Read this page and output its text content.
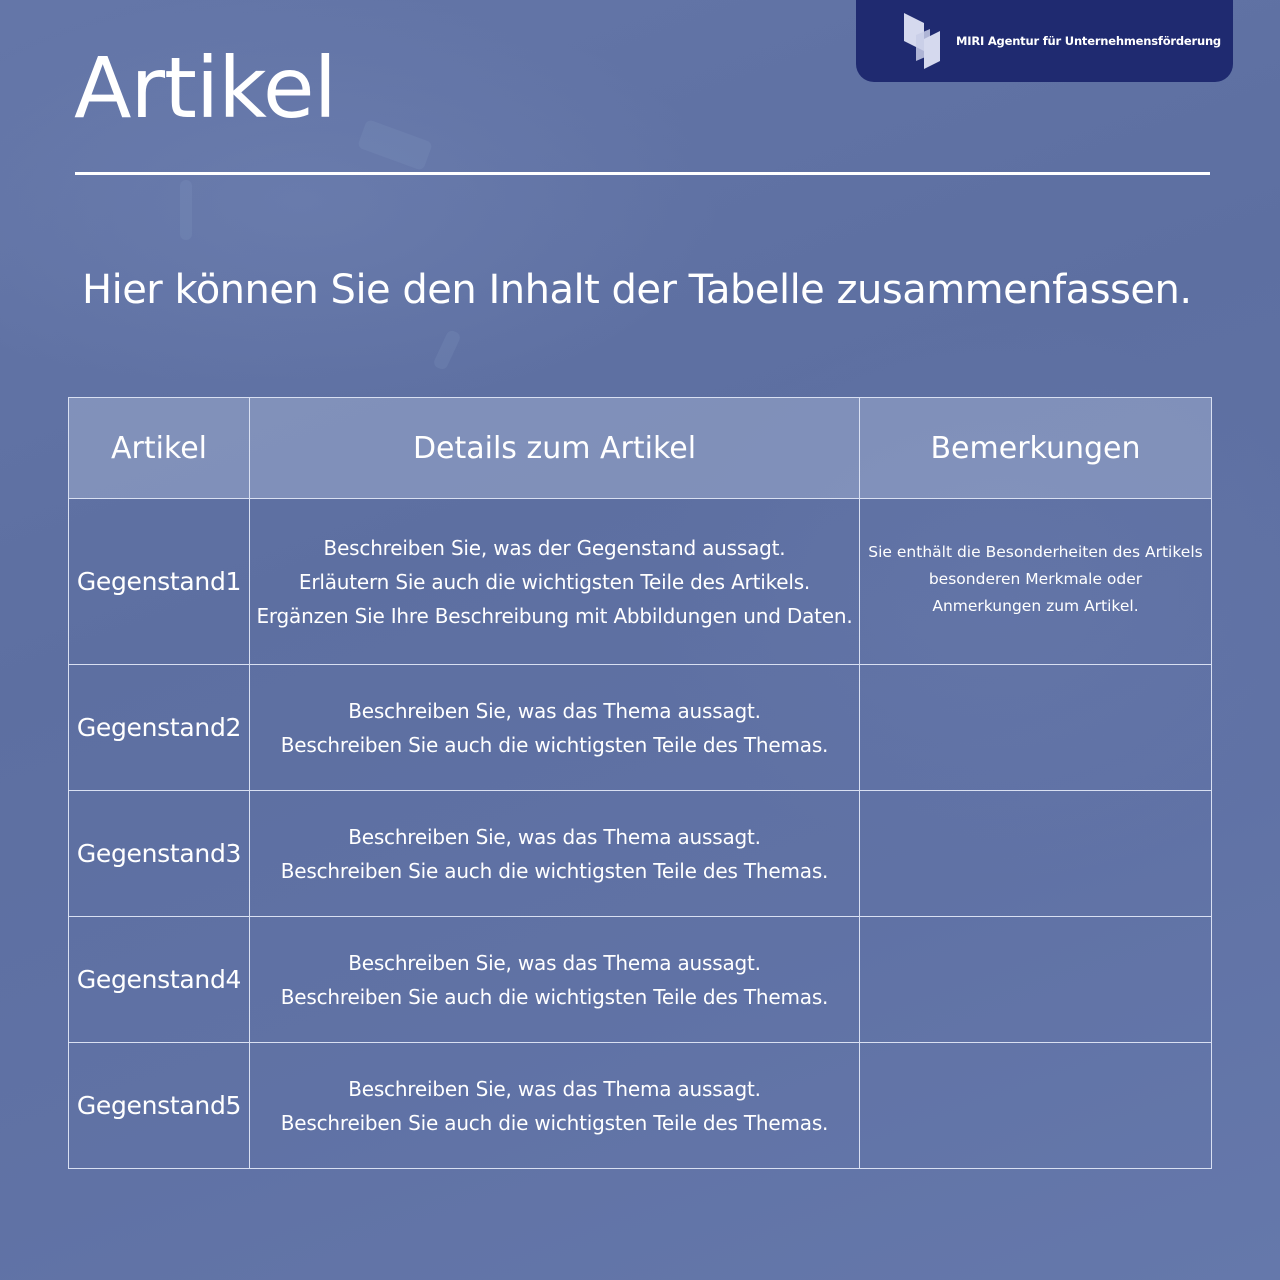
MIRI Agentur für Unternehmensförderung
Artikel
Hier können Sie den Inhalt der Tabelle zusammenfassen.
Artikel	Details zum Artikel	Bemerkungen
Gegenstand1	Beschreiben Sie, was der Gegenstand aussagt.
Erläutern Sie auch die wichtigsten Teile des Artikels.
Ergänzen Sie Ihre Beschreibung mit Abbildungen und Daten.	Sie enthält die Besonderheiten des Artikels
besonderen Merkmale oder
Anmerkungen zum Artikel.

Gegenstand2	Beschreiben Sie, was das Thema aussagt.
Beschreiben Sie auch die wichtigsten Teile des Themas.	

Gegenstand3	Beschreiben Sie, was das Thema aussagt.
Beschreiben Sie auch die wichtigsten Teile des Themas.	

Gegenstand4	Beschreiben Sie, was das Thema aussagt.
Beschreiben Sie auch die wichtigsten Teile des Themas.	

Gegenstand5	Beschreiben Sie, was das Thema aussagt.
Beschreiben Sie auch die wichtigsten Teile des Themas.	
